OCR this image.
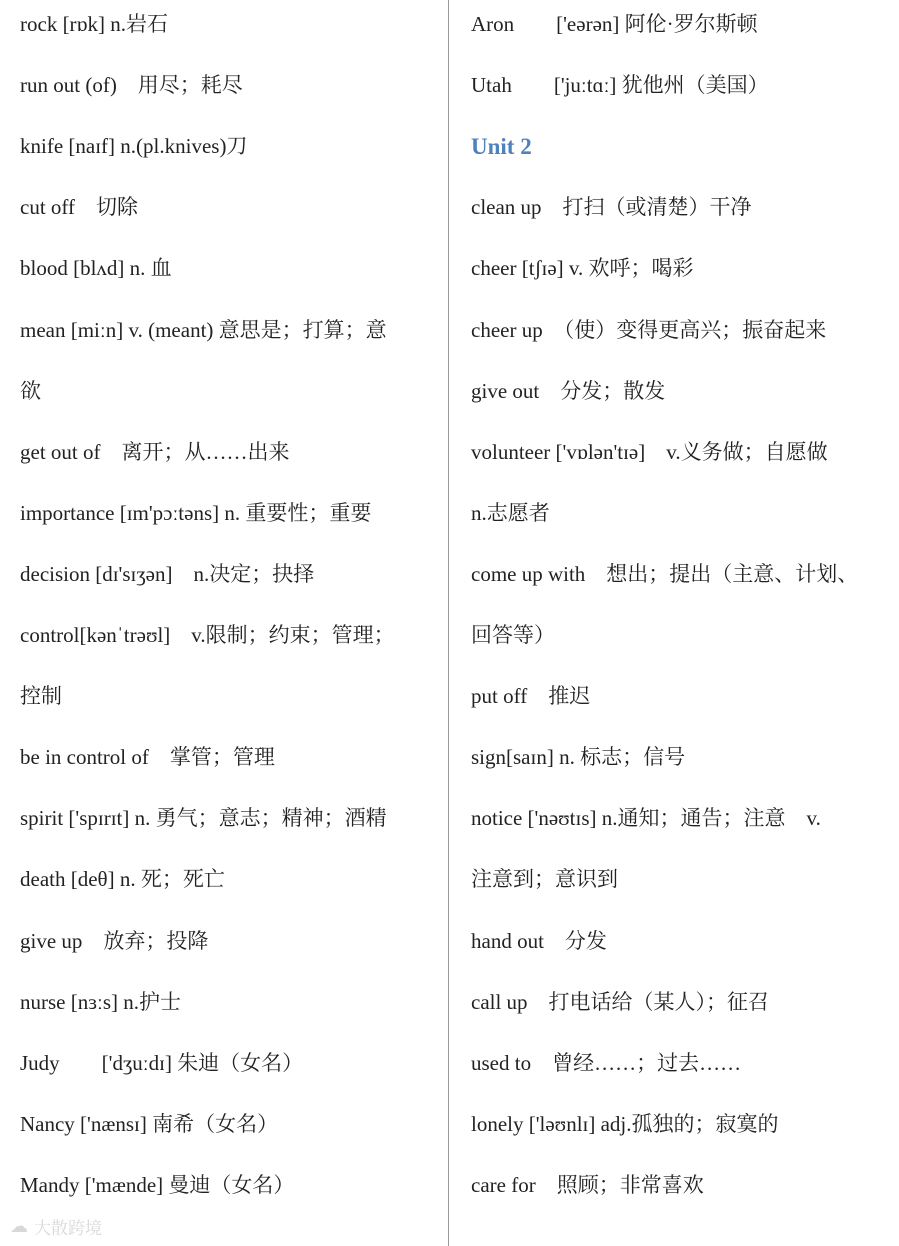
rock [rɒk] n.岩石
run out (of)　用尽；耗尽
knife [naɪf] n.(pl.knives)刀
cut off　切除
blood [blʌd] n. 血
mean [miːn] v. (meant) 意思是；打算；意
欲
get out of　离开；从……出来
importance [ɪm'pɔːtəns] n. 重要性；重要
decision [dɪ'sɪʒən]　n.决定；抉择
control[kənˈtrəʊl]　v.限制；约束；管理；
控制
be in control of　掌管；管理
spirit ['spɪrɪt] n. 勇气；意志；精神；酒精
death [deθ] n. 死；死亡
give up　放弃；投降
nurse [nɜːs] n.护士
Judy　　['dʒuːdɪ] 朱迪（女名）
Nancy ['nænsɪ] 南希（女名）
Mandy ['mænde] 曼迪（女名）
Aron　　['eərən] 阿伦·罗尔斯顿
Utah　　['juːtɑː] 犹他州（美国）
Unit 2
clean up　打扫（或清楚）干净
cheer [tʃɪə] v. 欢呼；喝彩
cheer up　（使）变得更高兴；振奋起来
give out　分发；散发
volunteer ['vɒlən'tɪə]　v.义务做；自愿做
n.志愿者
come up with　想出；提出（主意、计划、
回答等）
put off　推迟
sign[saɪn] n. 标志；信号
notice ['nəʊtɪs] n.通知；通告；注意　v.
注意到；意识到
hand out　分发
call up　打电话给（某人）；征召
used to　曾经……；过去……
lonely ['ləʊnlɪ] adj.孤独的；寂寞的
care for　照顾；非常喜欢
☁ 大散跨境
